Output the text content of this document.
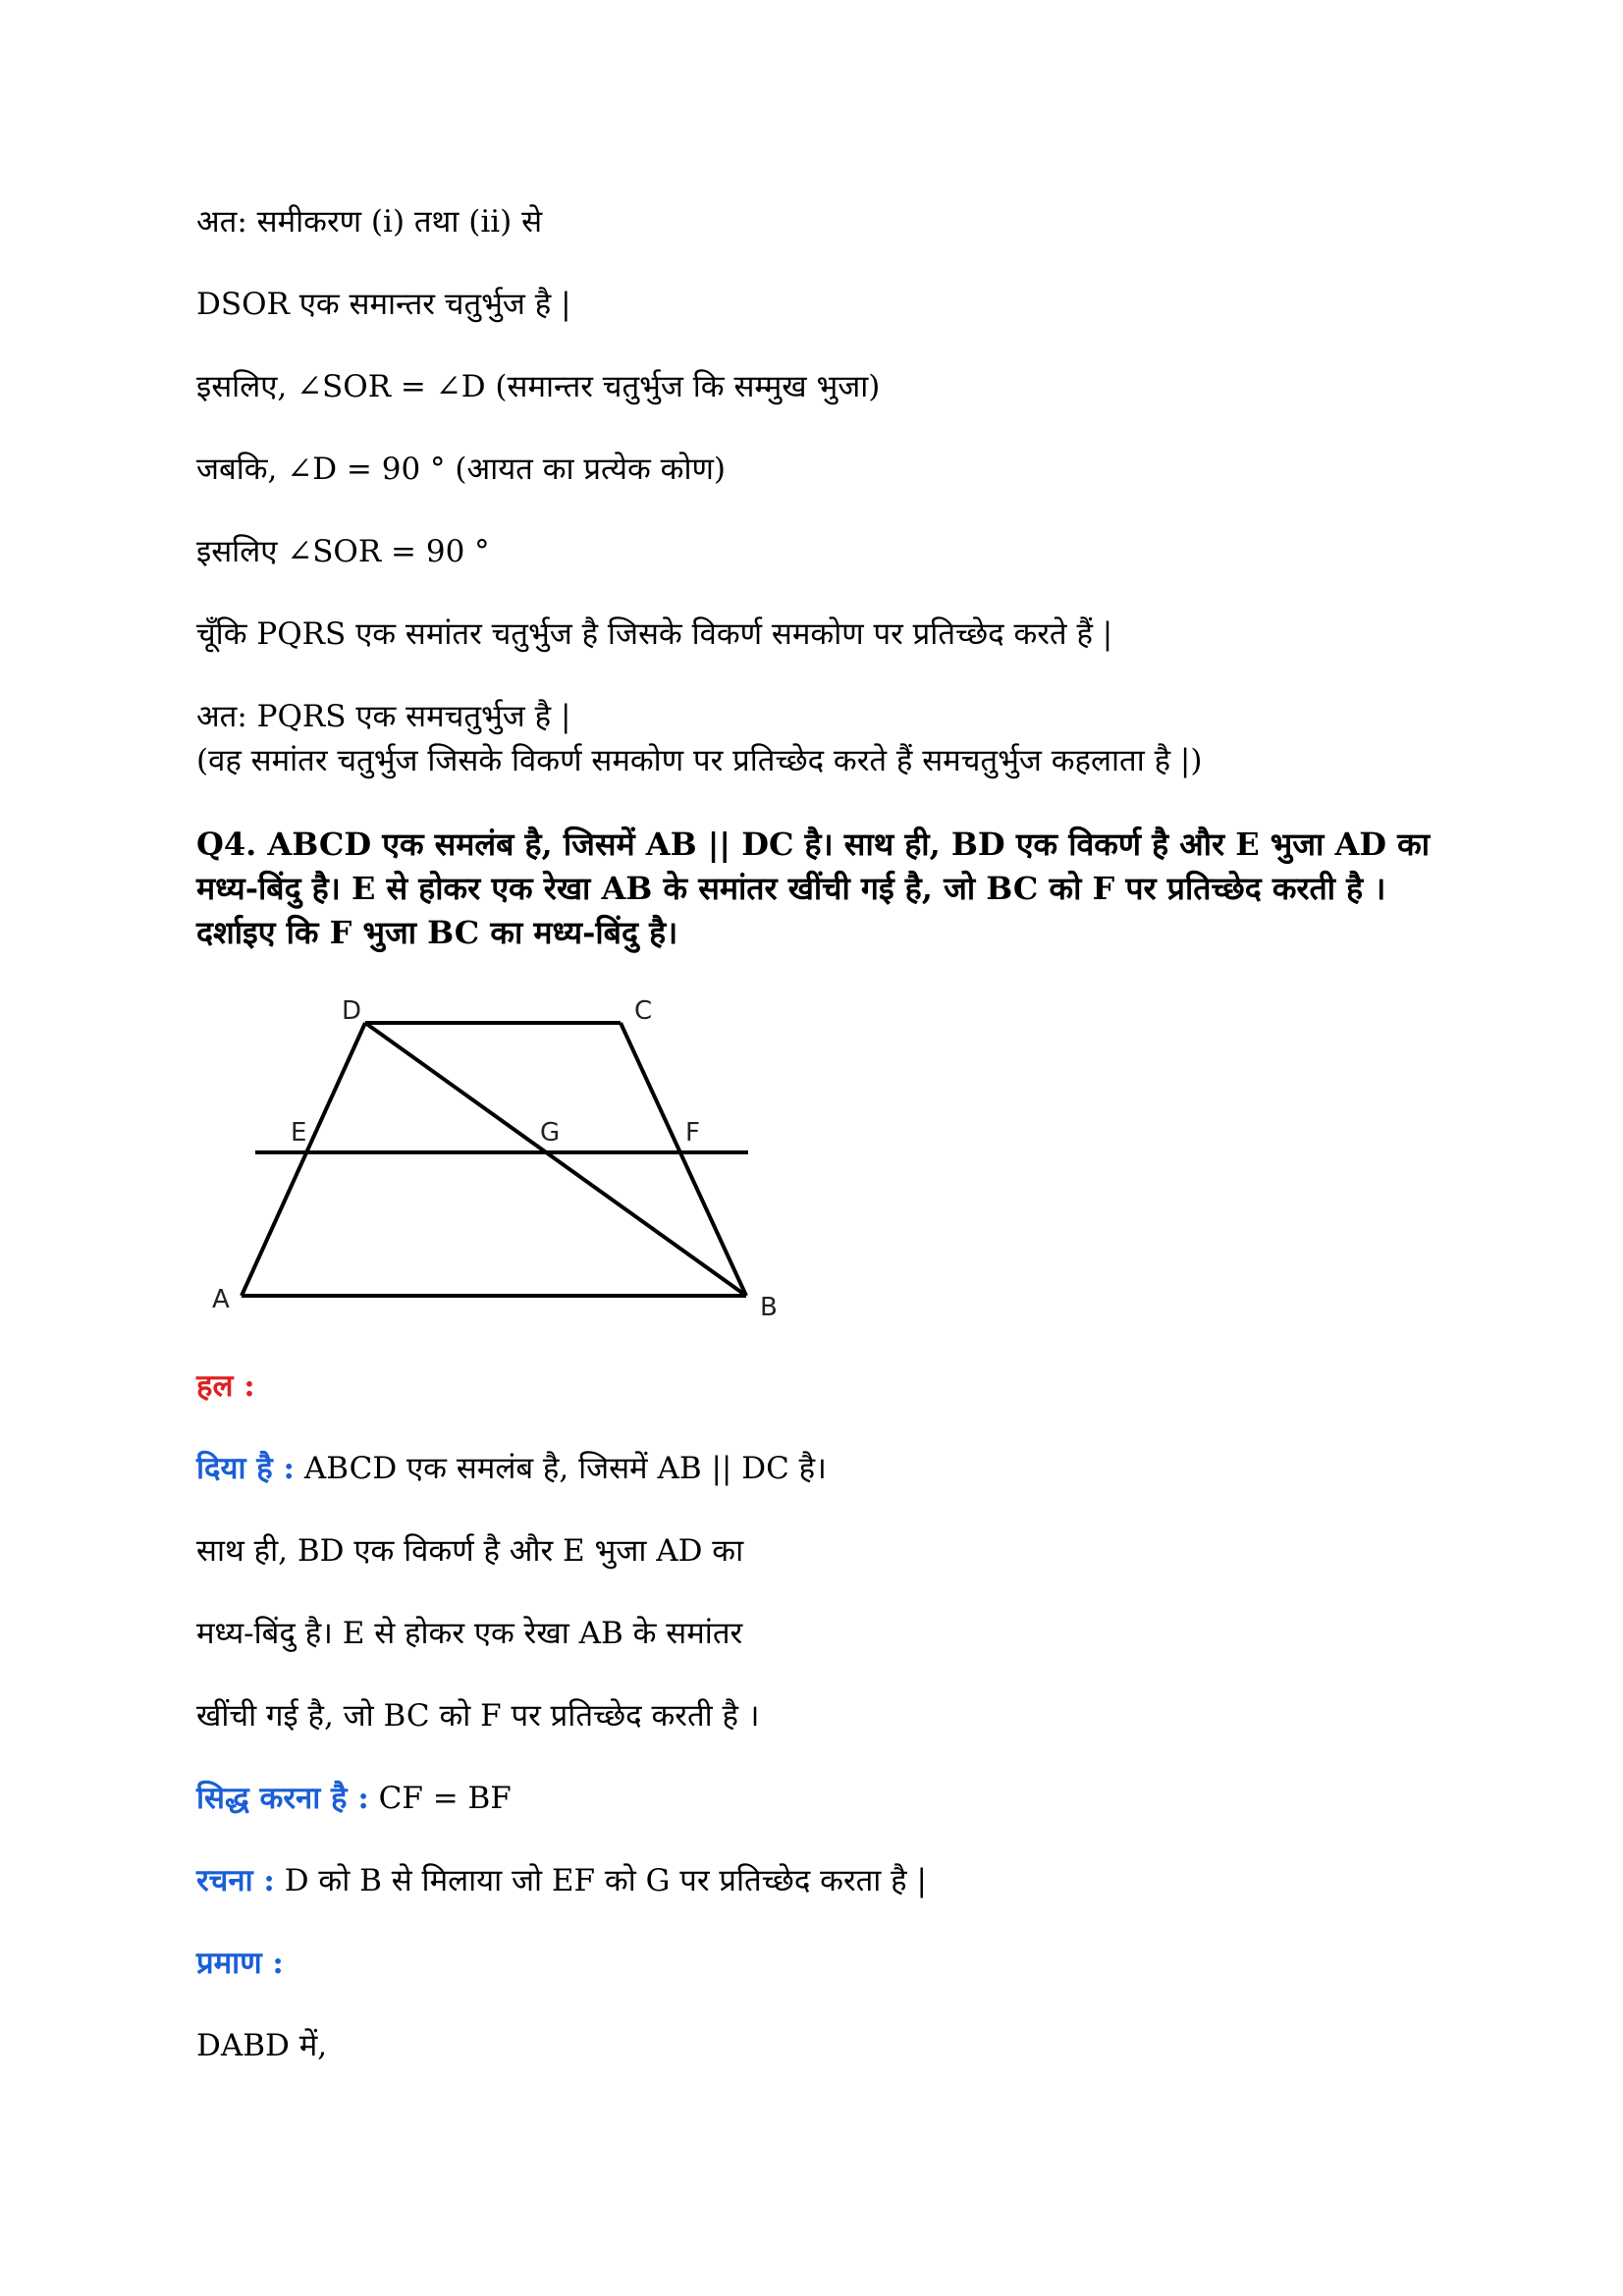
अत: समीकरण (i) तथा (ii) से
DSOR एक समान्तर चतुर्भुज है |
इसलिए, ∠SOR = ∠D (समान्तर चतुर्भुज कि सम्मुख भुजा)
जबकि, ∠D = 90 ° (आयत का प्रत्येक कोण)
इसलिए ∠SOR = 90 °
चूँकि PQRS एक समांतर चतुर्भुज है जिसके विकर्ण समकोण पर प्रतिच्छेद करते हैं |
अत: PQRS एक समचतुर्भुज है |
(वह समांतर चतुर्भुज जिसके विकर्ण समकोण पर प्रतिच्छेद करते हैं समचतुर्भुज कहलाता है |)
Q4. ABCD एक समलंब है, जिसमें AB || DC है। साथ ही, BD एक विकर्ण है और E भुजा AD का मध्य-बिंदु है। E से होकर एक रेखा AB के समांतर खींची गई है, जो BC को F पर प्रतिच्छेद करती है । दर्शाइए कि F भुजा BC का मध्य-बिंदु है।
D	C
E	G	F
A	B
हल :
दिया है : ABCD एक समलंब है, जिसमें AB || DC है।
साथ ही, BD एक विकर्ण है और E भुजा AD का
मध्य-बिंदु है। E से होकर एक रेखा AB के समांतर
खींची गई है, जो BC को F पर प्रतिच्छेद करती है ।
सिद्ध करना है : CF = BF
रचना : D को B से मिलाया जो EF को G पर प्रतिच्छेद करता है |
प्रमाण :
DABD में,
